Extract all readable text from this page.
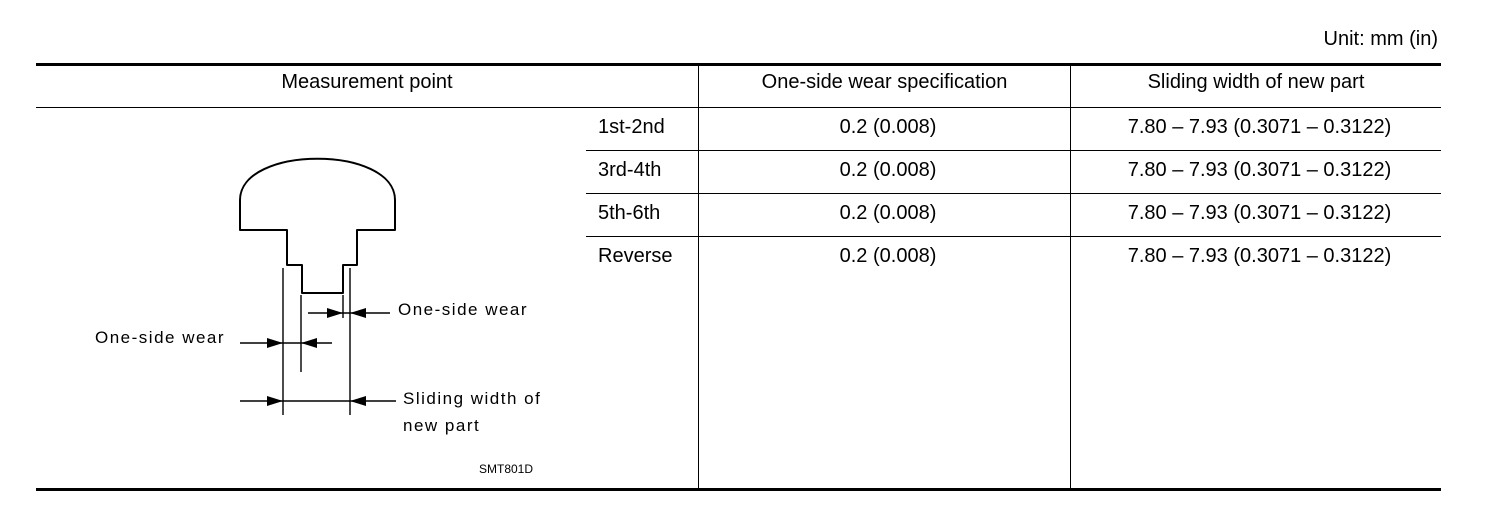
Unit: mm (in)
Measurement point	One-side wear specification	Sliding width of new part
1st-2nd	0.2 (0.008)	7.80 – 7.93 (0.3071 – 0.3122)
3rd-4th	0.2 (0.008)	7.80 – 7.93 (0.3071 – 0.3122)
5th-6th	0.2 (0.008)	7.80 – 7.93 (0.3071 – 0.3122)
Reverse	0.2 (0.008)	7.80 – 7.93 (0.3071 – 0.3122)
One-side wear
One-side wear
Sliding width of
new part
SMT801D
